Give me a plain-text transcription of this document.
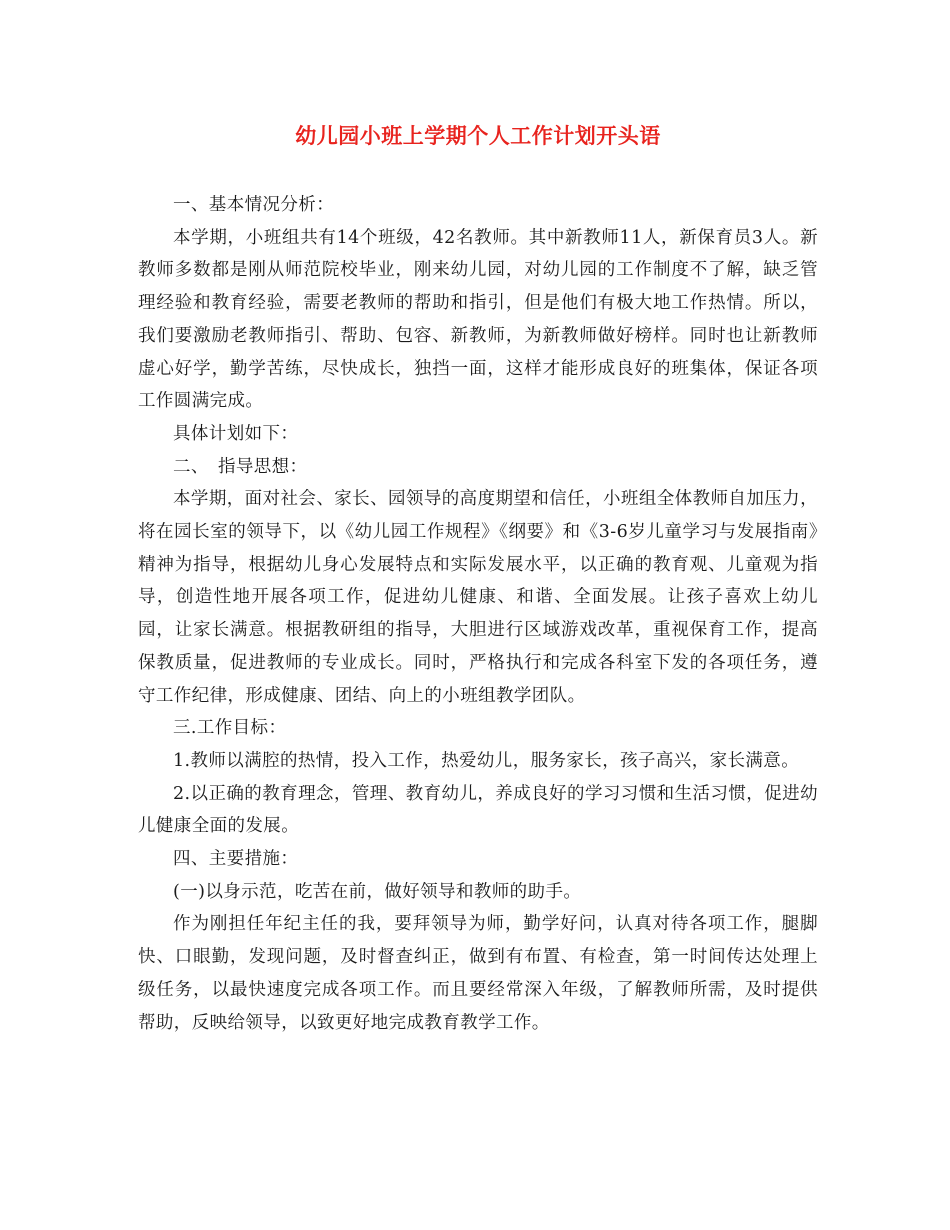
幼儿园小班上学期个人工作计划开头语

一、基本情况分析：

本学期，小班组共有14个班级，42名教师。其中新教师11人，新保育员3人。新教师多数都是刚从师范院校毕业，刚来幼儿园，对幼儿园的工作制度不了解，缺乏管理经验和教育经验，需要老教师的帮助和指引，但是他们有极大地工作热情。所以，我们要激励老教师指引、帮助、包容、新教师，为新教师做好榜样。同时也让新教师虚心好学，勤学苦练，尽快成长，独挡一面，这样才能形成良好的班集体，保证各项工作圆满完成。

具体计划如下：

二、　指导思想：

本学期，面对社会、家长、园领导的高度期望和信任，小班组全体教师自加压力，将在园长室的领导下，以《幼儿园工作规程》《纲要》和《3-6岁儿童学习与发展指南》精神为指导，根据幼儿身心发展特点和实际发展水平，以正确的教育观、儿童观为指导，创造性地开展各项工作，促进幼儿健康、和谐、全面发展。让孩子喜欢上幼儿园，让家长满意。根据教研组的指导，大胆进行区域游戏改革，重视保育工作，提高保教质量，促进教师的专业成长。同时，严格执行和完成各科室下发的各项任务，遵守工作纪律，形成健康、团结、向上的小班组教学团队。

三.工作目标：

1.教师以满腔的热情，投入工作，热爱幼儿，服务家长，孩子高兴，家长满意。

2.以正确的教育理念，管理、教育幼儿，养成良好的学习习惯和生活习惯，促进幼儿健康全面的发展。

四、主要措施：

(一)以身示范，吃苦在前，做好领导和教师的助手。

作为刚担任年纪主任的我，要拜领导为师，勤学好问，认真对待各项工作，腿脚快、口眼勤，发现问题，及时督查纠正，做到有布置、有检查，第一时间传达处理上级任务，以最快速度完成各项工作。而且要经常深入年级，了解教师所需，及时提供帮助，反映给领导，以致更好地完成教育教学工作。
